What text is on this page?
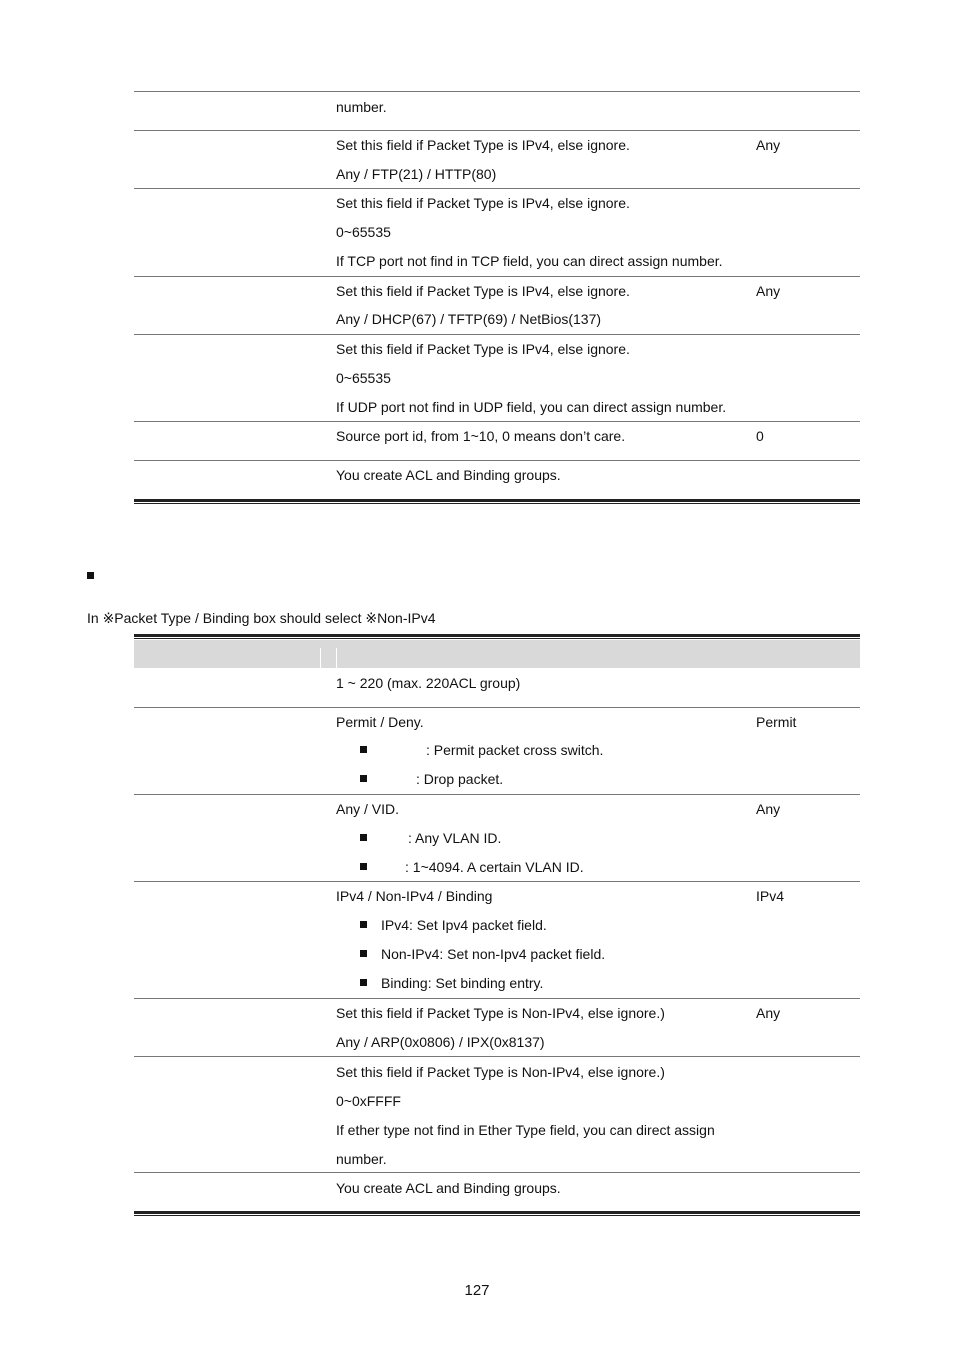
number.
Set this field if Packet Type is IPv4, else ignore.
Any / FTP(21) / HTTP(80)
Any
Set this field if Packet Type is IPv4, else ignore.
0~65535
If TCP port not find in TCP field, you can direct assign number.
Set this field if Packet Type is IPv4, else ignore.
Any / DHCP(67) / TFTP(69) / NetBios(137)
Any
Set this field if Packet Type is IPv4, else ignore.
0~65535
If UDP port not find in UDP field, you can direct assign number.
Source port id, from 1~10, 0 means don’t care.	0
You create ACL and Binding groups.
In ※Packet Type / Binding box should select ※Non-IPv4
1 ~ 220 (max. 220ACL group)
Permit / Deny.
: Permit packet cross switch.
: Drop packet.
Permit
Any / VID.
: Any VLAN ID.
: 1~4094. A certain VLAN ID.
Any
IPv4 / Non-IPv4 / Binding
IPv4: Set Ipv4 packet field.
Non-IPv4: Set non-Ipv4 packet field.
Binding: Set binding entry.
IPv4
Set this field if Packet Type is Non-IPv4, else ignore.)
Any / ARP(0x0806) / IPX(0x8137)
Any
Set this field if Packet Type is Non-IPv4, else ignore.)
0~0xFFFF
If ether type not find in Ether Type field, you can direct assign
number.
You create ACL and Binding groups.
127
